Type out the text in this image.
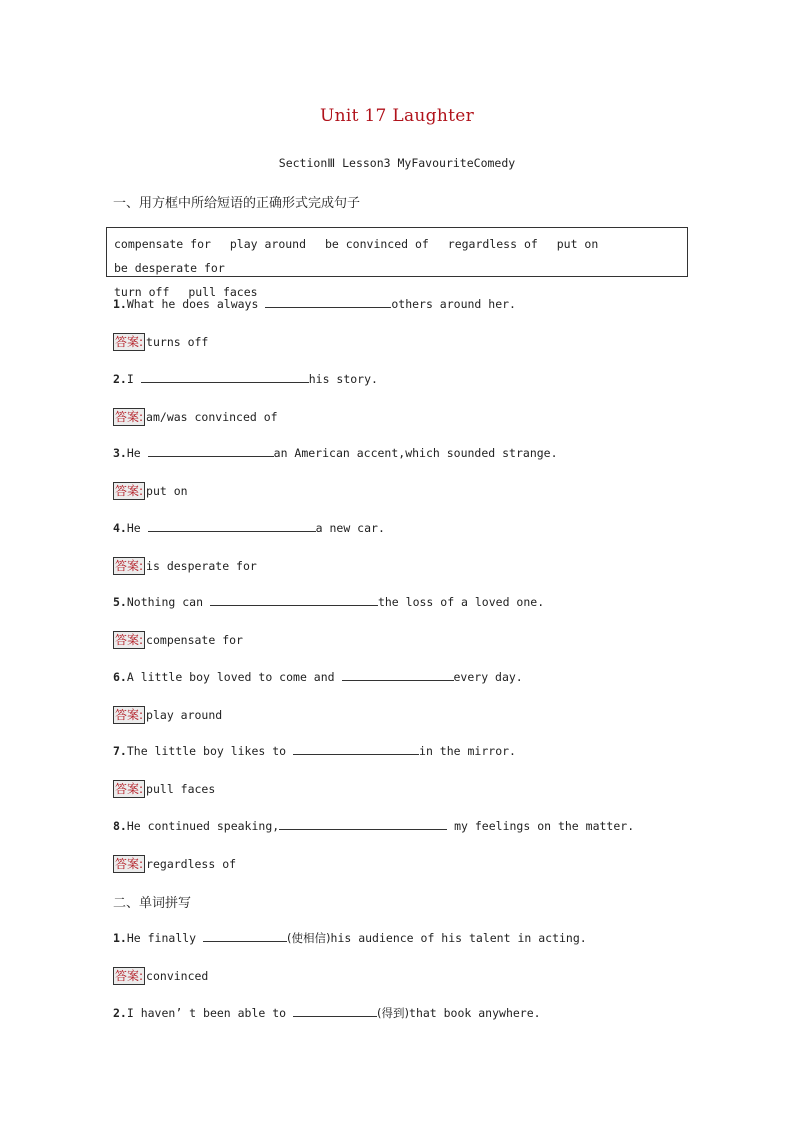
Unit 17 Laughter
SectionⅢ Lesson3 MyFavouriteComedy
一、用方框中所给短语的正确形式完成句子
compensate for play around be convinced of regardless of put on be desperate for
turn off pull faces
1.What he does always	others around her.
答案: turns off
2.I	his story.
答案: am/was convinced of
3.He	an American accent,which sounded strange.
答案: put on
4.He	a new car.
答案: is desperate for
5.Nothing can	the loss of a loved one.
答案: compensate for
6.A little boy loved to come and	every day.
答案: play around
7.The little boy likes to	in the mirror.
答案: pull faces
8.He continued speaking,	my feelings on the matter.
答案: regardless of
二、单词拼写
1.He finally	(使相信)his audience of his talent in acting.
答案: convinced
2.I haven’ t been able to	(得到)that book anywhere.
